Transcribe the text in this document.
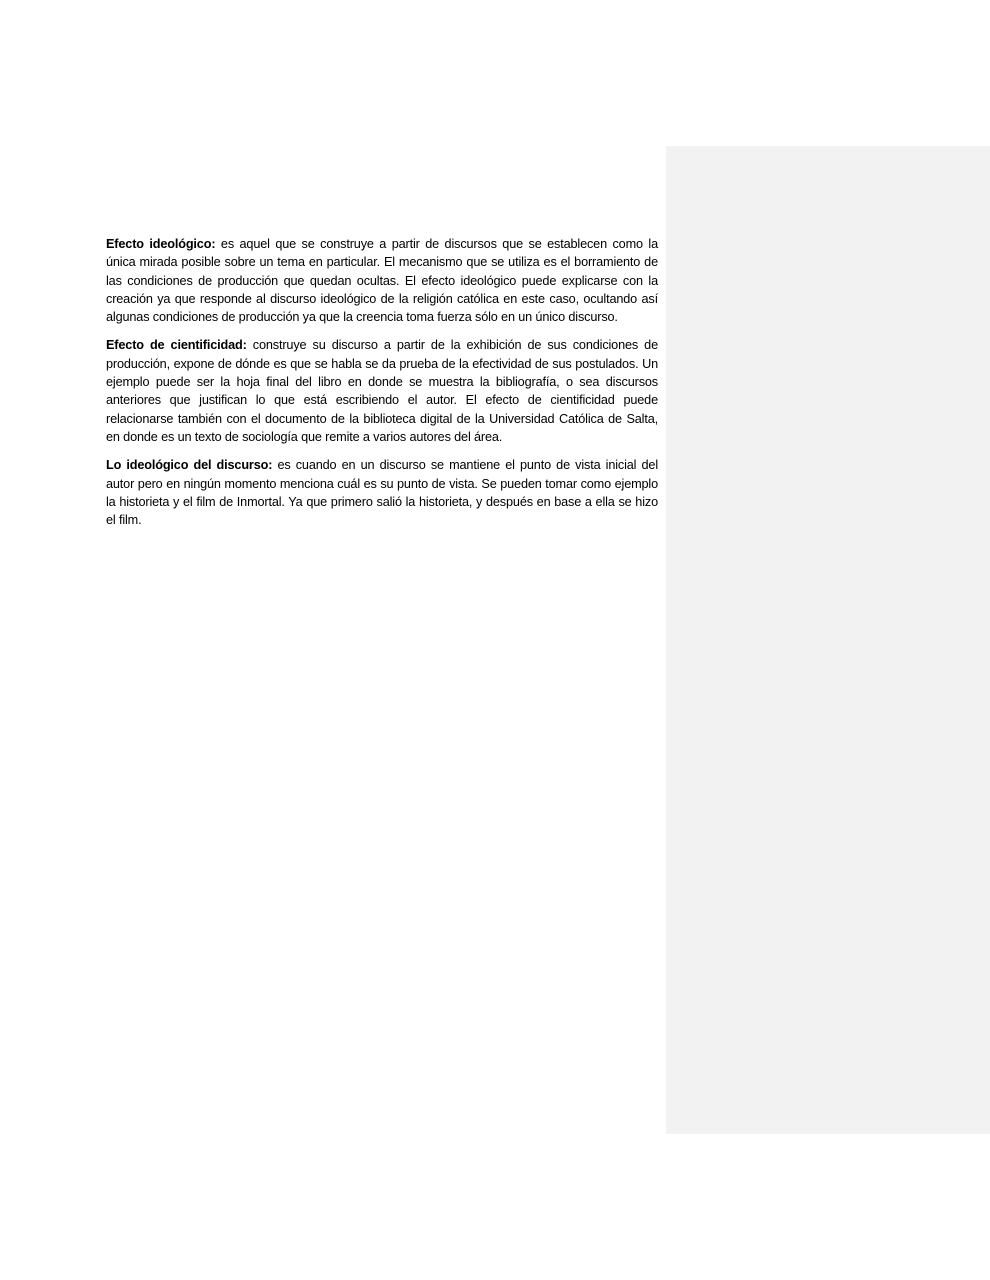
Efecto ideológico: es aquel que se construye a partir de discursos que se establecen como la única mirada posible sobre un tema en particular. El mecanismo que se utiliza es el borramiento de las condiciones de producción que quedan ocultas. El efecto ideológico puede explicarse con la creación ya que responde al discurso ideológico de la religión católica en este caso, ocultando así algunas condiciones de producción ya que la creencia toma fuerza sólo en un único discurso.

Efecto de cientificidad: construye su discurso a partir de la exhibición de sus condiciones de producción, expone de dónde es que se habla se da prueba de la efectividad de sus postulados. Un ejemplo puede ser la hoja final del libro en donde se muestra la bibliografía, o sea discursos anteriores que justifican lo que está escribiendo el autor. El efecto de cientificidad puede relacionarse también con el documento de la biblioteca digital de la Universidad Católica de Salta, en donde es un texto de sociología que remite a varios autores del área.

Lo ideológico del discurso: es cuando en un discurso se mantiene el punto de vista inicial del autor pero en ningún momento menciona cuál es su punto de vista. Se pueden tomar como ejemplo la historieta y el film de Inmortal. Ya que primero salió la historieta, y después en base a ella se hizo el film.
